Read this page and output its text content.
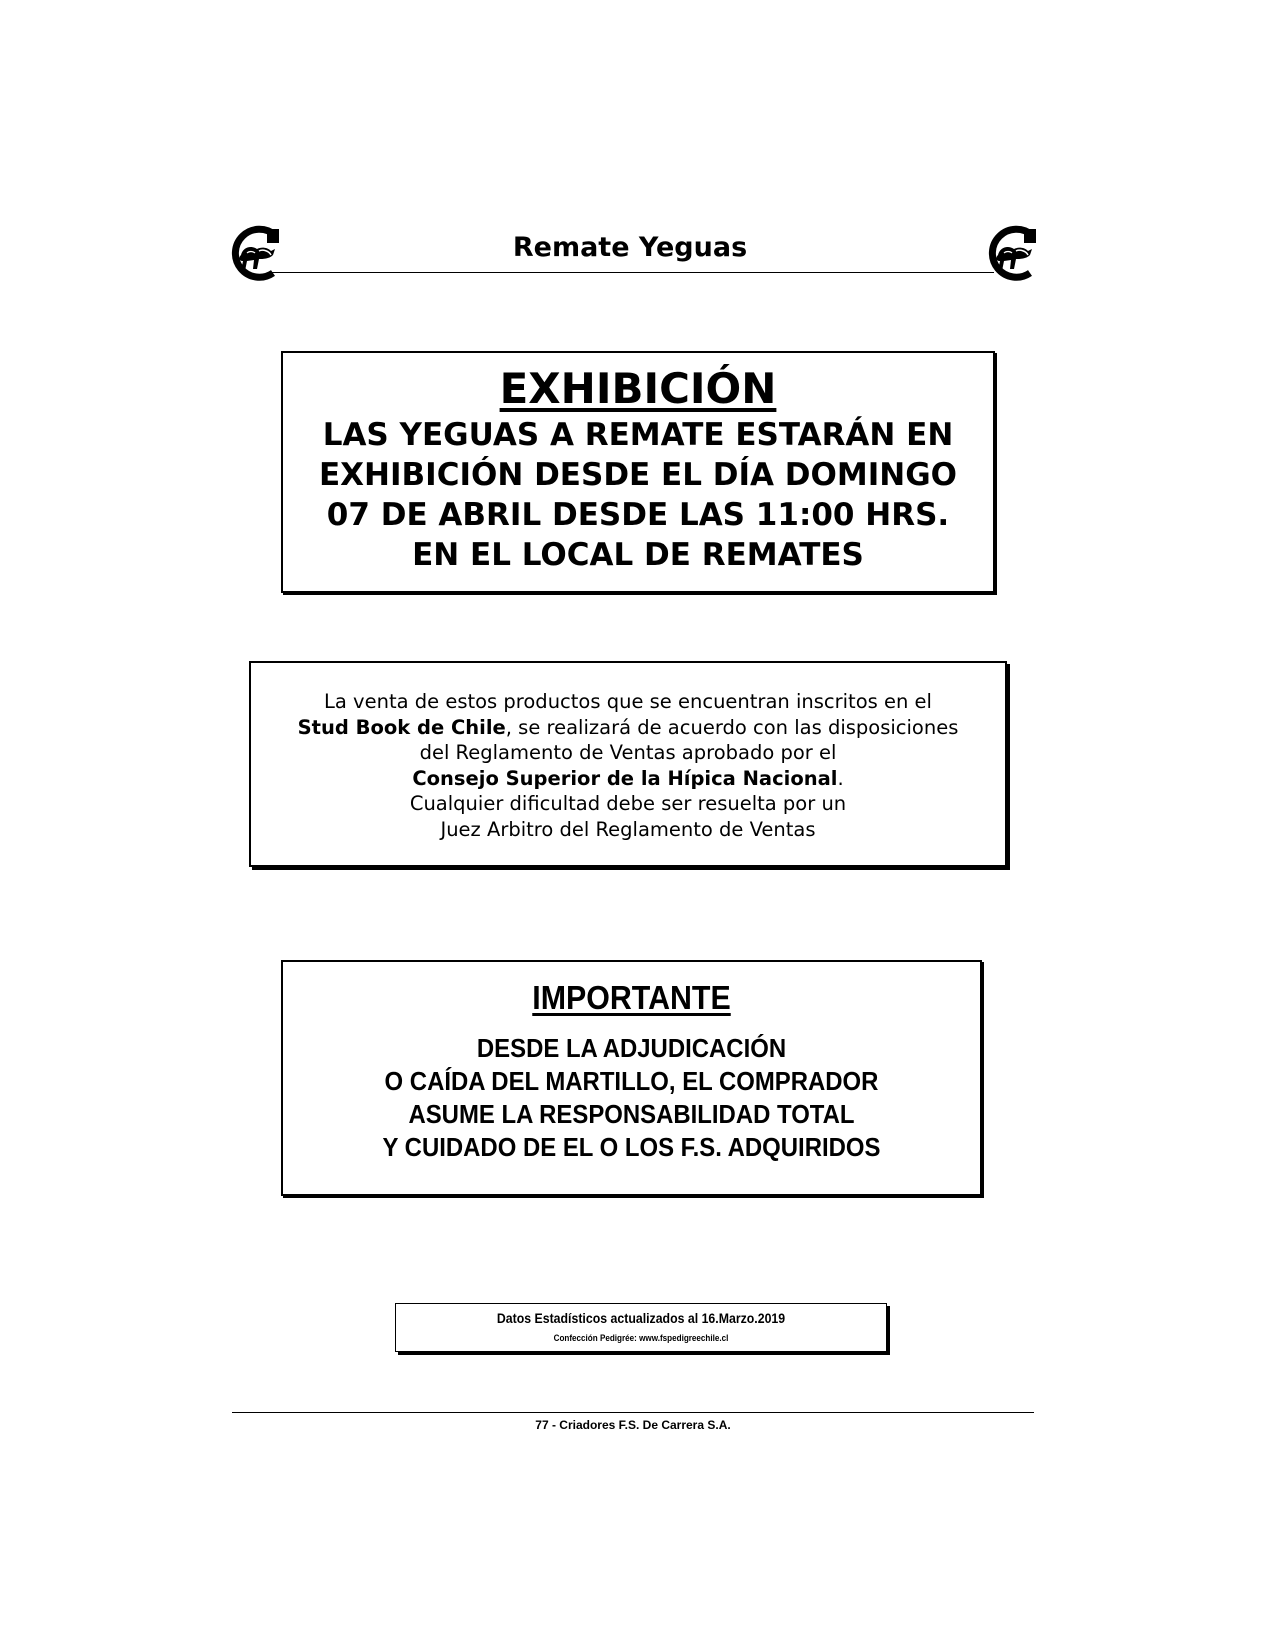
Remate Yeguas
EXHIBICIÓN
LAS YEGUAS A REMATE ESTARÁN EN
EXHIBICIÓN DESDE EL DÍA DOMINGO
07 DE ABRIL DESDE LAS 11:00 HRS.
EN EL LOCAL DE REMATES
La venta de estos productos que se encuentran inscritos en el
Stud Book de Chile, se realizará de acuerdo con las disposiciones
del Reglamento de Ventas aprobado por el
Consejo Superior de la Hípica Nacional.
Cualquier dificultad debe ser resuelta por un
Juez Arbitro del Reglamento de Ventas
IMPORTANTE
DESDE LA ADJUDICACIÓN
O CAÍDA DEL MARTILLO, EL COMPRADOR
ASUME LA RESPONSABILIDAD TOTAL
Y CUIDADO DE EL O LOS F.S. ADQUIRIDOS
Datos Estadísticos actualizados al 16.Marzo.2019
Confección Pedigrée: www.fspedigreechile.cl
77 - Criadores F.S. De Carrera S.A.
